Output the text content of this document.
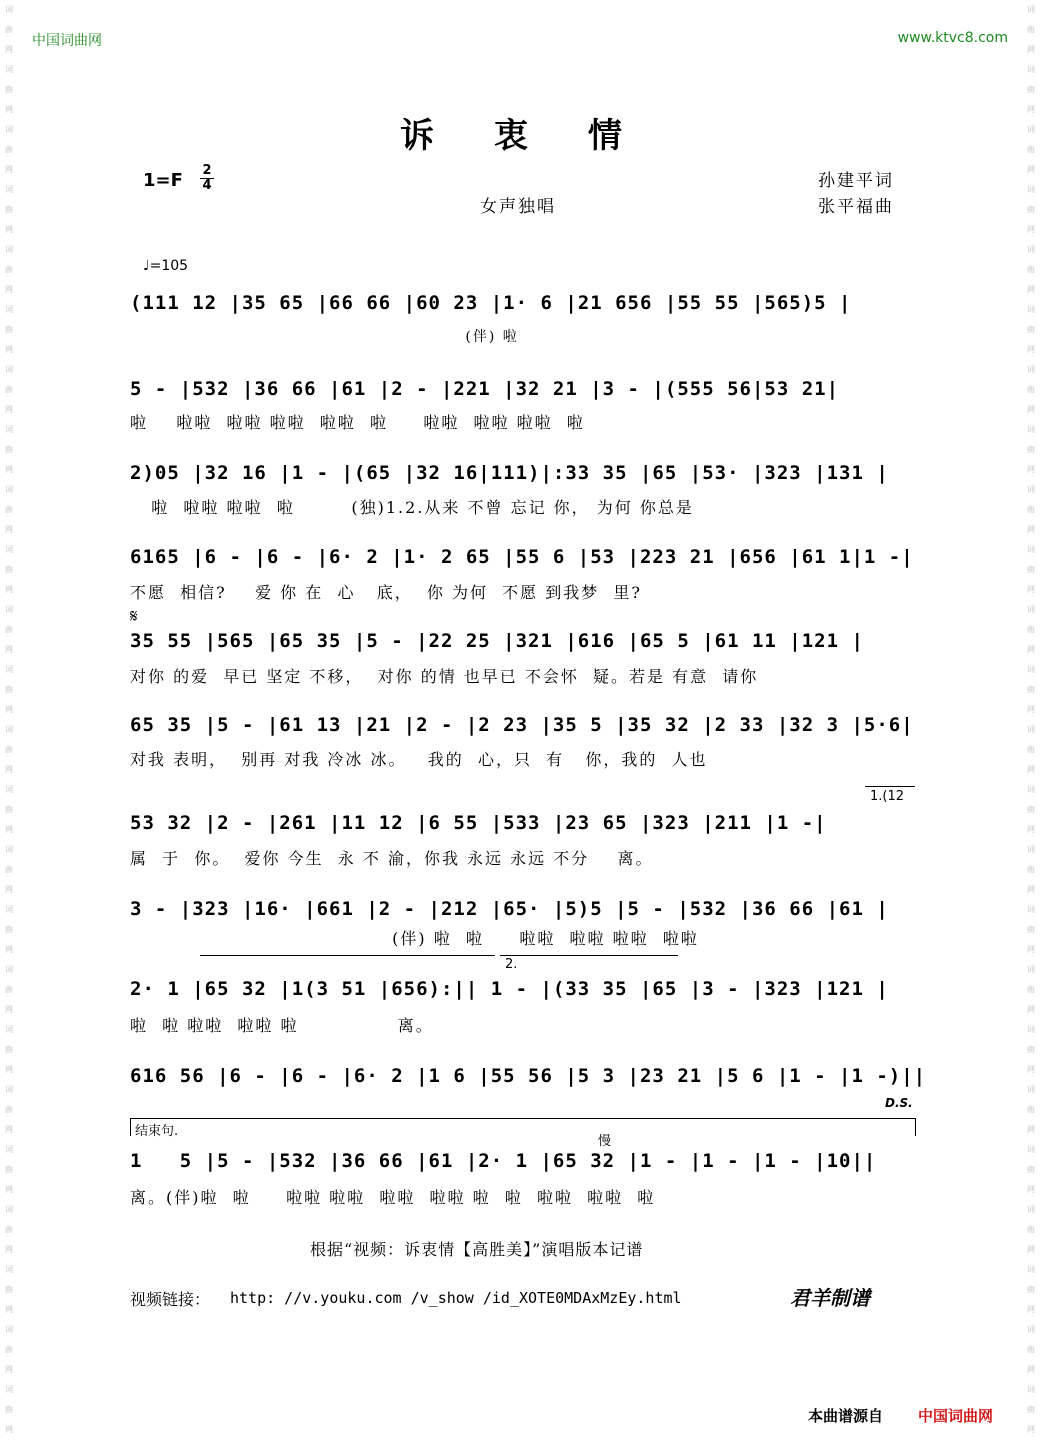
词
曲
网
词
曲
网
词
曲
网
词
曲
网
词
曲
网
词
曲
网
词
曲
网
词
曲
网
词
曲
网
词
曲
网
词
曲
网
词
曲
网
词
曲
网
词
曲
网
词
曲
网
词
曲
网
词
曲
网
词
曲
网
词
曲
网
词
曲
网
词
曲
网
词
曲
网
词
曲
网
词
曲
网
词
曲
网
词
曲
网
词
曲
网
词
曲
网
词
曲
网
词
曲
网
词
曲
网
词
曲
网
词
曲
网
词
曲
网
词
曲
网
词
曲
网
词
曲
网
词
曲
网
词
曲
网
词
曲
网
词
曲
网
词
曲
网
词
曲
网
词
曲
网
词
曲
网
词
曲
网
词
曲
网
词
曲
网
中国词曲网	www.ktvc8.com
诉衷情
$1=F \frac{2}{4}$
女声独唱
孙建平词
张平福曲
♩=105
(111 12 |35 65 |66 66 |60 23 |1· 6 |21 656 |55 55 |565)5 |
(伴) 啦
5 - |532 |36 66 |61 |2 - |221 |32 21 |3 - |(555 56|53 21|
啦    啦啦  啦啦 啦啦  啦啦  啦     啦啦  啦啦 啦啦  啦
2)05 |32 16 |1 - |(65 |32 16|111)|:33 35 |65 |53· |323 |131 |
啦  啦啦 啦啦  啦        (独)1.2.从来 不曾 忘记 你， 为何 你总是
6165 |6 - |6 - |6· 2 |1· 2 65 |55 6 |53 |223 21 |656 |61 1|1 -|
不愿  相信?    爱 你 在  心   底，  你 为何  不愿 到我梦  里?
𝄋
35 55 |565 |65 35 |5 - |22 25 |321 |616 |65 5 |61 11 |121 |
对你 的爱  早已 坚定 不移，  对你 的情 也早已 不会怀  疑。若是 有意  请你
65 35 |5 - |61 13 |21 |2 - |2 23 |35 5 |35 32 |2 33 |32 3 |5·6|
对我 表明，  别再 对我 冷冰 冰。   我的  心，只  有   你，我的  人也
1.(12
53 32 |2 - |261 |11 12 |6 55 |533 |23 65 |323 |211 |1 -|
属  于  你。  爱你 今生  永 不 渝，你我 永远 永远 不分    离。
3 - |323 |16· |661 |2 - |212 |65· |5)5 |5 - |532 |36 66 |61 |
(伴) 啦  啦     啦啦  啦啦 啦啦  啦啦
2.
2· 1 |65 32 |1(3 51 |656):|| 1 - |(33 35 |65 |3 - |323 |121 |
啦  啦 啦啦  啦啦 啦              离。
616 56 |6 - |6 - |6· 2 |1 6 |55 56 |5 3 |23 21 |5 6 |1 - |1 -)||
D.S.
结束句.
慢
1   5 |5 - |532 |36 66 |61 |2· 1 |65 32 |1 - |1 - |1 - |10||
离。(伴)啦  啦     啦啦 啦啦  啦啦  啦啦 啦  啦  啦啦  啦啦  啦
根据“视频：诉衷情【高胜美】”演唱版本记谱
视频链接： http: //v.youku.com /v_show /id_XOTE0MDAxMzEy.html	君羊制谱
本曲谱源自 中国词曲网
